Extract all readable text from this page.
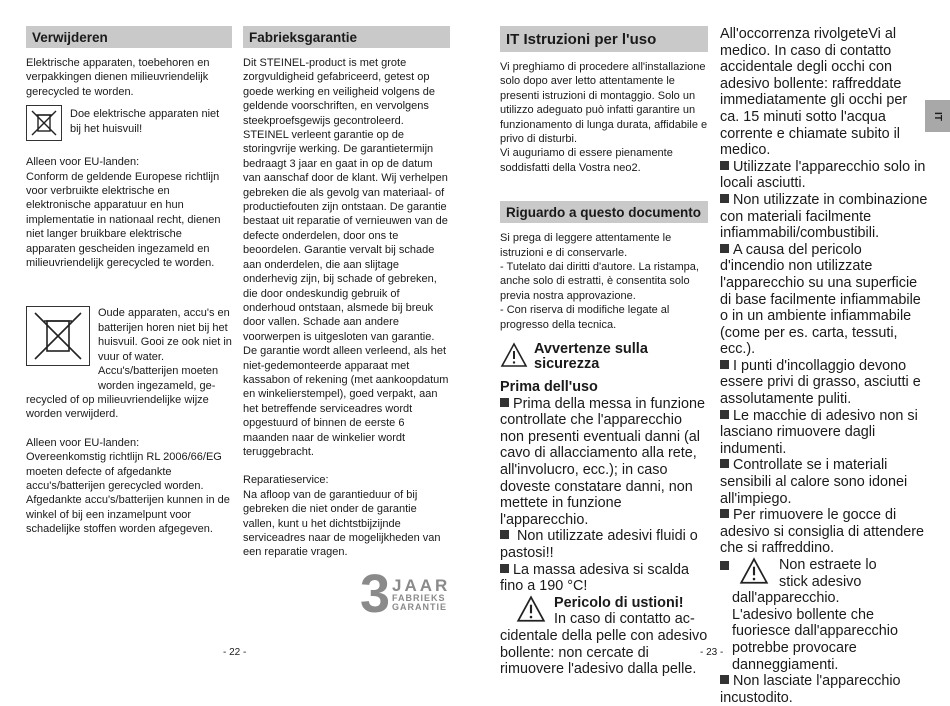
Verwijderen

Elektrische apparaten, toebehoren en verpakkingen dienen milieuvriendelijk gerecycled te worden.

Doe elektrische apparaten niet bij het huisvuil!

Alleen voor EU-landen:

Conform de geldende Europese richtlijn voor verbruikte elektrische en elektronische apparatuur en hun implementatie in nationaal recht, dienen niet langer bruikbare elektrische apparaten gescheiden ingezameld en milieuvriendelijk gerecycled te worden.

Oude apparaten, accu's en batterijen horen niet bij het huisvuil. Gooi ze ook niet in vuur of water. Accu's/batterijen moeten worden ingezameld, ge-

recycled of op milieuvriendelijke wijze worden verwijderd.

Alleen voor EU-landen:

Overeenkomstig richtlijn RL 2006/66/EG moeten defecte of afgedankte accu's/batterijen gerecycled worden. Afgedankte accu's/batterijen kunnen in de winkel of bij een inzamelpunt voor schadelijke stoffen worden afgegeven.

Fabrieksgarantie

Dit STEINEL-product is met grote zorgvuldigheid gefabriceerd, getest op goede werking en veiligheid volgens de geldende voorschriften, en vervolgens steekproefsgewijs gecontroleerd. STEINEL verleent garantie op de storingvrije werking. De garantietermijn bedraagt 3 jaar en gaat in op de datum van aanschaf door de klant. Wij verhelpen gebreken die als gevolg van materiaal- of productiefouten zijn ontstaan. De garantie bestaat uit reparatie of vernieuwen van de defecte onderdelen, door ons te beoordelen. Garantie vervalt bij schade aan onderdelen, die aan slijtage onderhevig zijn, bij schade of gebreken, die door ondeskundig gebruik of onderhoud ontstaan, alsmede bij breuk door vallen. Schade aan andere voorwerpen is uitgesloten van garantie.

De garantie wordt alleen verleend, als het niet-gedemonteerde apparaat met kassabon of rekening (met aankoopdatum en winkelierstempel), goed verpakt, aan het betreffende serviceadres wordt opgestuurd of binnen de eerste 6 maanden naar de winkelier wordt teruggebracht.

Reparatieservice:

Na afloop van de garantieduur of bij gebreken die niet onder de garantie vallen, kunt u het dichtstbijzijnde serviceadres naar de mogelijkheden van een reparatie vragen.

3 JAAR
FABRIEKS
GARANTIE
- 22 -
IT Istruzioni per l'uso

Vi preghiamo di procedere all'installazione solo dopo aver letto attentamente le presenti istruzioni di montaggio. Solo un utilizzo adeguato può infatti garantire un funzionamento di lunga durata, affidabile e privo di disturbi.

Vi auguriamo di essere pienamente soddisfatti della Vostra neo2.

Riguardo a questo documento

Si prega di leggere attentamente le istruzioni e di conservarle.

- Tutelato dai diritti d'autore. La ristampa, anche solo di estratti, è consentita solo previa nostra approvazione.

- Con riserva di modifiche legate al progresso della tecnica.

Avvertenze sulla
sicurezza
Prima dell'uso
Prima della messa in funzione controllate che l'apparecchio non presenti eventuali danni (al cavo di allacciamento alla rete, all'involucro, ecc.); in caso doveste constatare danni, non mettete in funzione l'apparecchio.
Non utilizzate adesivi fluidi o pastosi!!
La massa adesiva si scalda fino a 190 °C!
Pericolo di ustioni!
In caso di contatto ac-
cidentale della pelle con adesivo bollente: non cercate di rimuovere l'adesivo dalla pelle.
All'occorrenza rivolgeteVi al medico. In caso di contatto accidentale degli occhi con adesivo bollente: raffreddate immediatamente gli occhi per ca. 15 minuti sotto l'acqua corrente e chiamate subito il medico.
Utilizzate l'apparecchio solo in locali asciutti.
Non utilizzate in combinazione con materiali facilmente infiammabili/combustibili.
A causa del pericolo d'incendio non utilizzate l'apparecchio su una superficie di base facilmente infiammabile o in un ambiente infiammabile (come per es. carta, tessuti, ecc.).
I punti d'incollaggio devono essere privi di grasso, asciutti e assolutamente puliti.
Le macchie di adesivo non si lasciano rimuovere dagli indumenti.
Controllate se i materiali sensibili al calore sono idonei all'impiego.
Per rimuovere le gocce di adesivo si consiglia di attendere che si raffreddino.
Non estraete lo
stick adesivo
dall'apparecchio.
L'adesivo bollente che fuoriesce dall'apparecchio potrebbe provocare danneggiamenti.
Non lasciate l'apparecchio incustodito.
IT
- 23 -
